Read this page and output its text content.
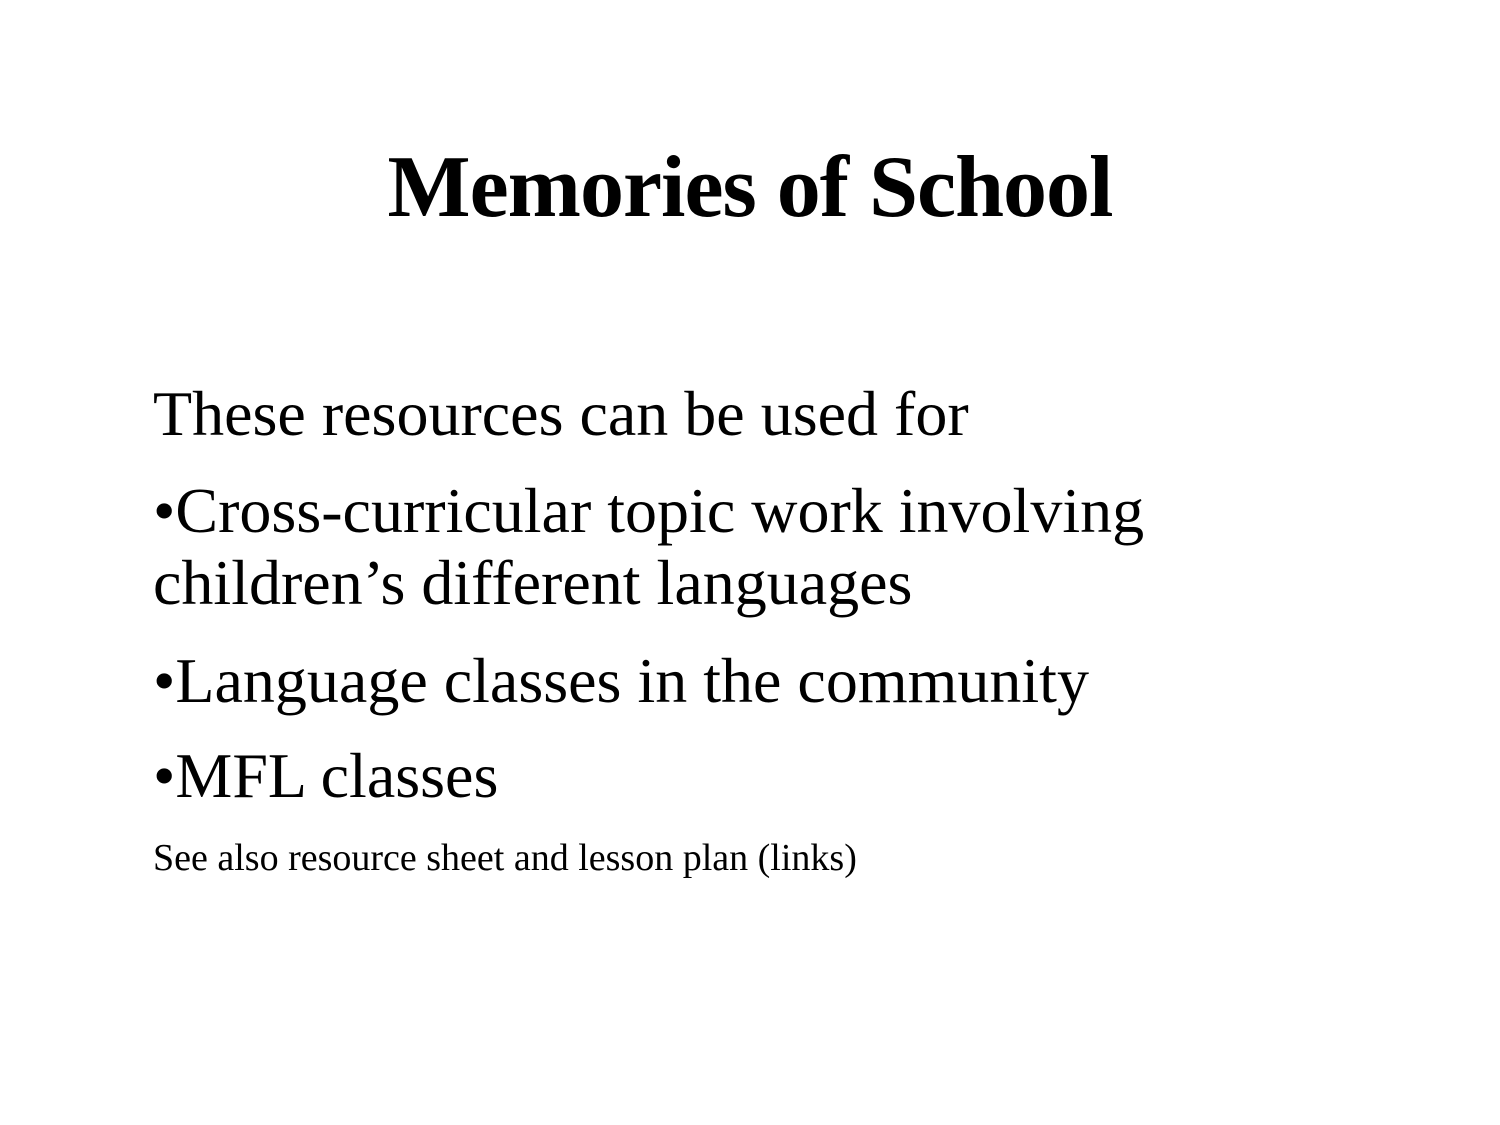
Memories of School
These resources can be used for
•Cross-curricular topic work involving
children’s different languages
•Language classes in the community
•MFL classes
See also resource sheet and lesson plan (links)
